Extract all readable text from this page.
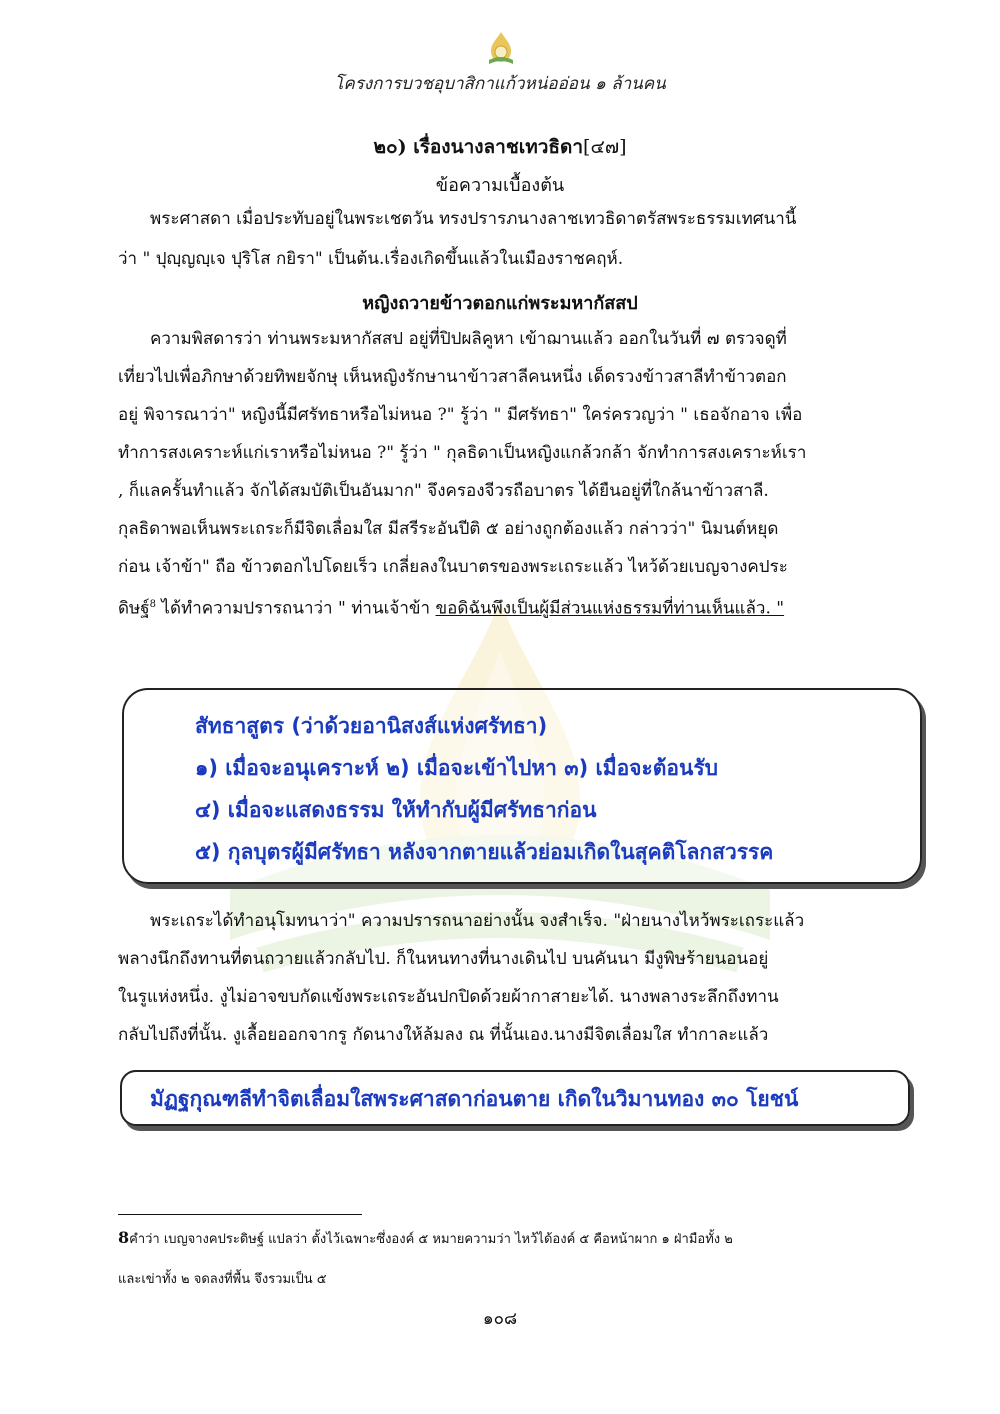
โครงการบวชอุบาสิกาแก้วหน่ออ่อน ๑ ล้านคน
๒๐) เรื่องนางลาชเทวธิดา[๔๗]
ข้อความเบื้องต้น
พระศาสดา เมื่อประทับอยู่ในพระเชตวัน ทรงปรารภนางลาชเทวธิดาตรัสพระธรรมเทศนานี้
ว่า " ปุญฺญญฺเจ ปุริโส กยิรา" เป็นต้น.เรื่องเกิดขึ้นแล้วในเมืองราชคฤห์.
หญิงถวายข้าวตอกแก่พระมหากัสสป
ความพิสดารว่า ท่านพระมหากัสสป อยู่ที่ปิปผลิคูหา เข้าฌานแล้ว ออกในวันที่ ๗ ตรวจดูที่
เที่ยวไปเพื่อภิกษาด้วยทิพยจักษุ เห็นหญิงรักษานาข้าวสาลีคนหนึ่ง เด็ดรวงข้าวสาลีทำข้าวตอก
อยู่ พิจารณาว่า" หญิงนี้มีศรัทธาหรือไม่หนอ ?" รู้ว่า " มีศรัทธา" ใคร่ครวญว่า " เธอจักอาจ เพื่อ
ทำการสงเคราะห์แก่เราหรือไม่หนอ ?" รู้ว่า " กุลธิดาเป็นหญิงแกล้วกล้า จักทำการสงเคราะห์เรา
, ก็แลครั้นทำแล้ว จักได้สมบัติเป็นอันมาก" จึงครองจีวรถือบาตร ได้ยืนอยู่ที่ใกล้นาข้าวสาลี.
กุลธิดาพอเห็นพระเถระก็มีจิตเลื่อมใส มีสรีระอันปีติ ๕ อย่างถูกต้องแล้ว กล่าวว่า" นิมนต์หยุด
ก่อน เจ้าข้า" ถือ ข้าวตอกไปโดยเร็ว เกลี่ยลงในบาตรของพระเถระแล้ว ไหว้ด้วยเบญจางคประ
ดิษฐ์$^8$ ได้ทำความปรารถนาว่า " ท่านเจ้าข้า ขอดิฉันพึงเป็นผู้มีส่วนแห่งธรรมที่ท่านเห็นแล้ว. "
สัทธาสูตร (ว่าด้วยอานิสงส์แห่งศรัทธา)
๑) เมื่อจะอนุเคราะห์ ๒) เมื่อจะเข้าไปหา ๓) เมื่อจะต้อนรับ
๔) เมื่อจะแสดงธรรม ให้ทำกับผู้มีศรัทธาก่อน
๕) กุลบุตรผู้มีศรัทธา หลังจากตายแล้วย่อมเกิดในสุคติโลกสวรรค
พระเถระได้ทำอนุโมทนาว่า" ความปรารถนาอย่างนั้น จงสำเร็จ. "ฝ่ายนางไหว้พระเถระแล้ว
พลางนึกถึงทานที่ตนถวายแล้วกลับไป. ก็ในหนทางที่นางเดินไป บนคันนา มีงูพิษร้ายนอนอยู่
ในรูแห่งหนึ่ง. งูไม่อาจขบกัดแข้งพระเถระอันปกปิดด้วยผ้ากาสายะได้. นางพลางระลึกถึงทาน
กลับไปถึงที่นั้น. งูเลื้อยออกจากรู กัดนางให้ล้มลง ณ ที่นั้นเอง.นางมีจิตเลื่อมใส ทำกาละแล้ว
มัฏฐกุณฑลีทำจิตเลื่อมใสพระศาสดาก่อนตาย เกิดในวิมานทอง ๓๐ โยชน์
8คำว่า เบญจางคประดิษฐ์ แปลว่า ตั้งไว้เฉพาะซึ่งองค์ ๕ หมายความว่า ไหว้ได้องค์ ๕ คือหน้าผาก ๑ ฝ่ามือทั้ง ๒
และเข่าทั้ง ๒ จดลงที่พื้น จึงรวมเป็น ๕
๑๐๘
